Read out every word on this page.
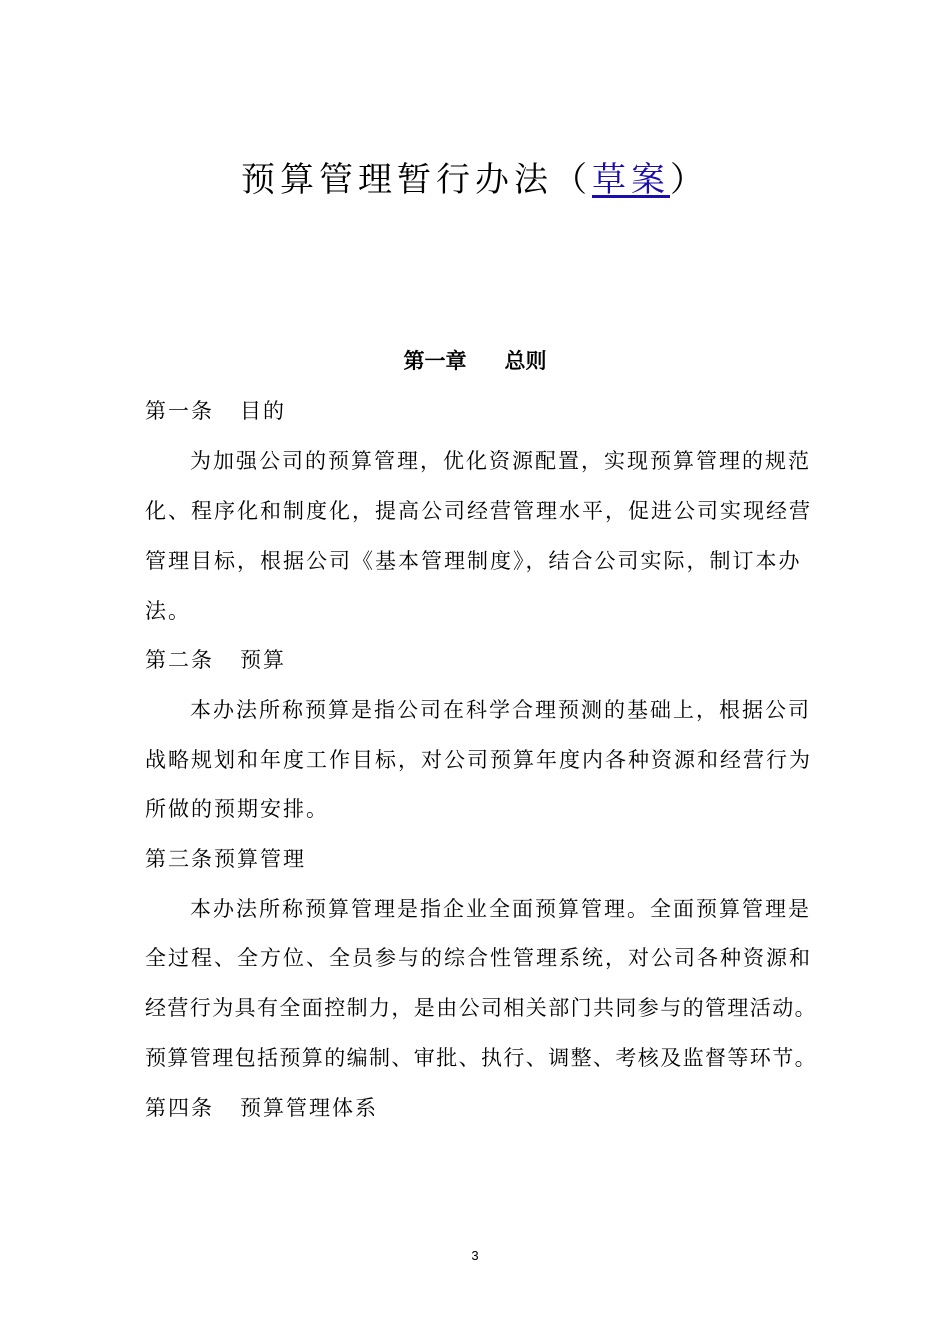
预算管理暂行办法（草案）
第一章 总则
第一条 目的
为加强公司的预算管理，优化资源配置，实现预算管理的规范
化、程序化和制度化，提高公司经营管理水平，促进公司实现经营
管理目标，根据公司《基本管理制度》，结合公司实际，制订本办
法。
第二条 预算
本办法所称预算是指公司在科学合理预测的基础上，根据公司
战略规划和年度工作目标，对公司预算年度内各种资源和经营行为
所做的预期安排。
第三条预算管理
本办法所称预算管理是指企业全面预算管理。全面预算管理是
全过程、全方位、全员参与的综合性管理系统，对公司各种资源和
经营行为具有全面控制力，是由公司相关部门共同参与的管理活动。
预算管理包括预算的编制、审批、执行、调整、考核及监督等环节。
第四条 预算管理体系
3
